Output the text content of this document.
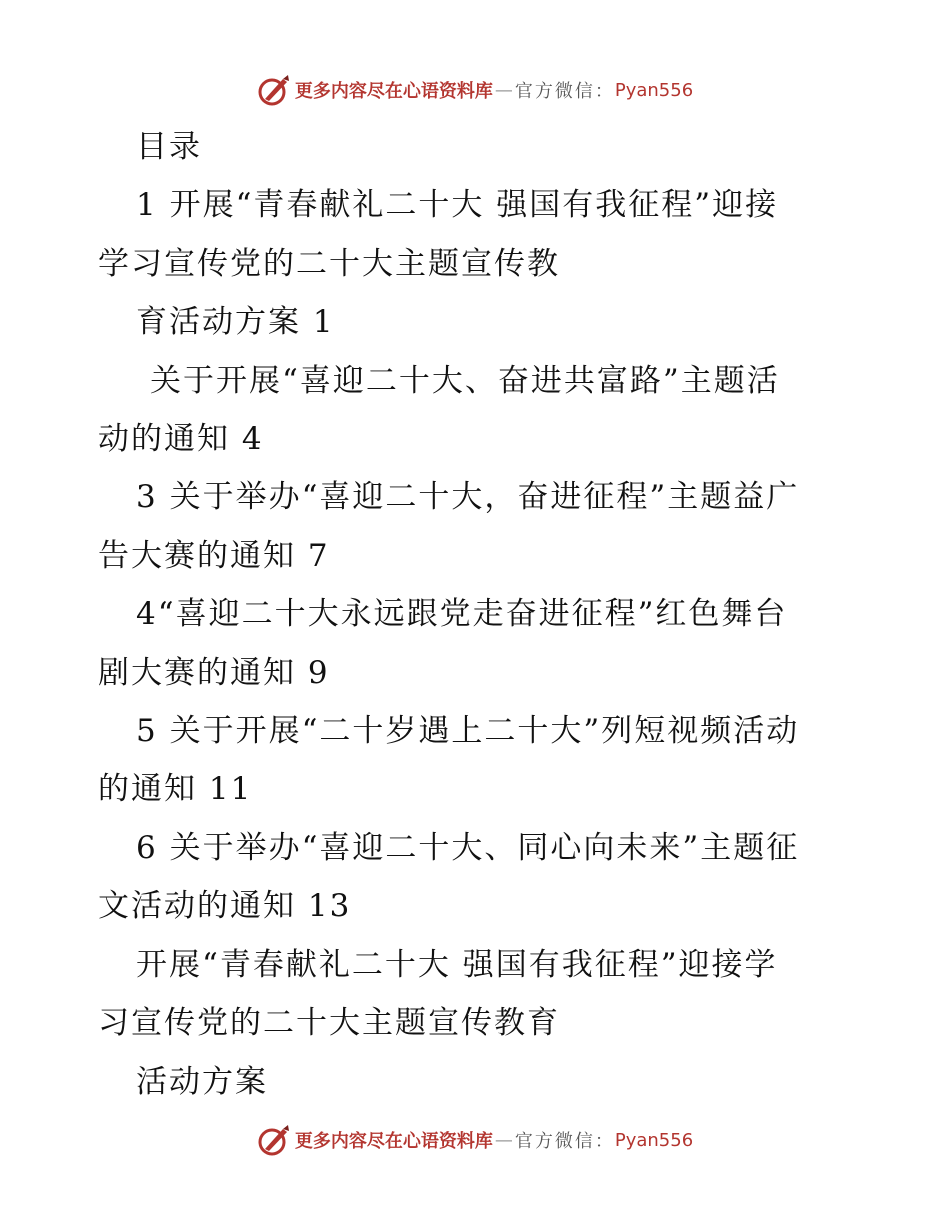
更多内容尽在心语资料库 — 官方微信： Pyan556

目录

1 开展“青春献礼二十大 强国有我征程”迎接

学习宣传党的二十大主题宣传教

育活动方案 1

关于开展“喜迎二十大、奋进共富路”主题活

动的通知 4

3 关于举办“喜迎二十大，奋进征程”主题益广

告大赛的通知 7

4“喜迎二十大永远跟党走奋进征程”红色舞台

剧大赛的通知 9

5 关于开展“二十岁遇上二十大”列短视频活动

的通知 11

6 关于举办“喜迎二十大、同心向未来”主题征

文活动的通知 13

开展“青春献礼二十大 强国有我征程”迎接学

习宣传党的二十大主题宣传教育

活动方案

更多内容尽在心语资料库 — 官方微信： Pyan556
